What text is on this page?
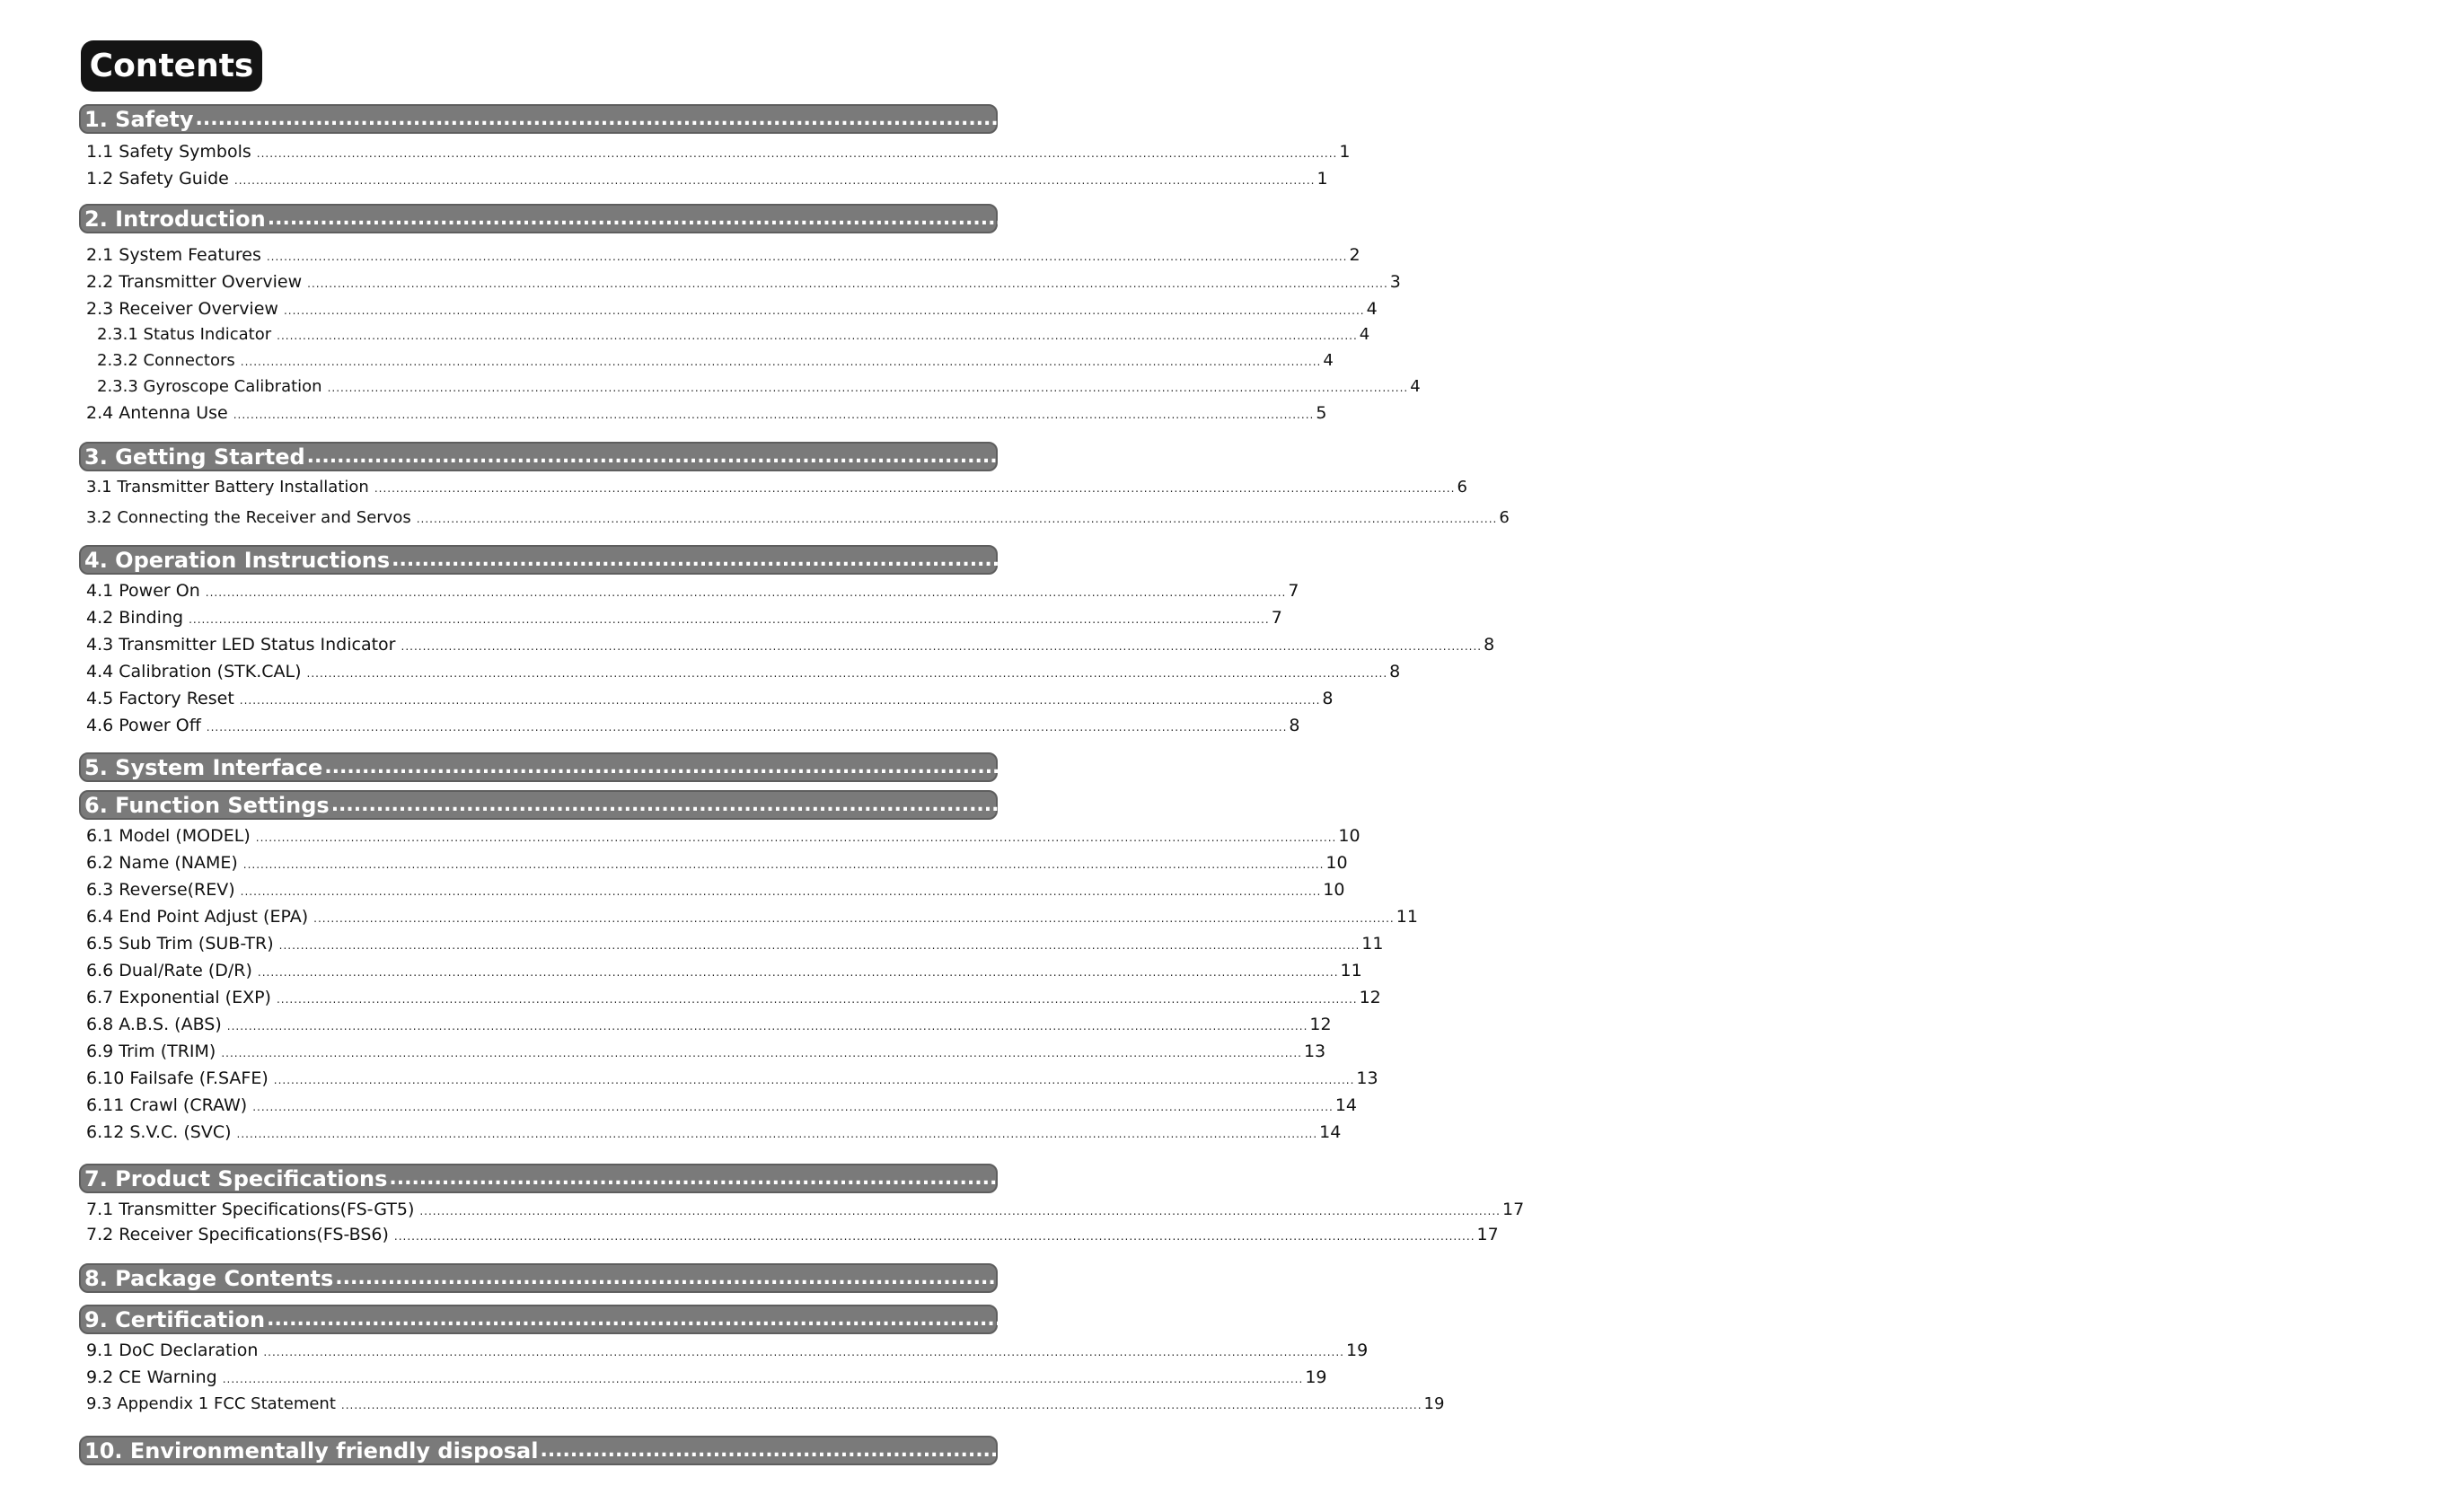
Contents
1. Safety .......................................................................................................................................................................................................................................................... 1
2. Introduction .......................................................................................................................................................................................................................................................... 2
3. Getting Started .......................................................................................................................................................................................................................................................... 6
4. Operation Instructions .......................................................................................................................................................................................................................................................... 7
5. System Interface .......................................................................................................................................................................................................................................................... 9
6. Function Settings .......................................................................................................................................................................................................................................................... 10
7. Product Specifications .......................................................................................................................................................................................................................................................... 17
8. Package Contents .......................................................................................................................................................................................................................................................... 18
9. Certification .......................................................................................................................................................................................................................................................... 19
10. Environmentally friendly disposal .......................................................................................................................................................................................................................................................... 20
1.1 Safety Symbols .......................................................................................................................................................................................................................................................... 1
1.2 Safety Guide .......................................................................................................................................................................................................................................................... 1
2.1 System Features .......................................................................................................................................................................................................................................................... 2
2.2 Transmitter Overview .......................................................................................................................................................................................................................................................... 3
2.3 Receiver Overview .......................................................................................................................................................................................................................................................... 4
2.3.1 Status Indicator .......................................................................................................................................................................................................................................................... 4
2.3.2 Connectors .......................................................................................................................................................................................................................................................... 4
2.3.3 Gyroscope Calibration .......................................................................................................................................................................................................................................................... 4
2.4 Antenna Use .......................................................................................................................................................................................................................................................... 5
3.1 Transmitter Battery Installation .......................................................................................................................................................................................................................................................... 6
3.2 Connecting the Receiver and Servos .......................................................................................................................................................................................................................................................... 6
4.1 Power On .......................................................................................................................................................................................................................................................... 7
4.2 Binding .......................................................................................................................................................................................................................................................... 7
4.3 Transmitter LED Status Indicator .......................................................................................................................................................................................................................................................... 8
4.4 Calibration (STK.CAL) .......................................................................................................................................................................................................................................................... 8
4.5 Factory Reset .......................................................................................................................................................................................................................................................... 8
4.6 Power Off .......................................................................................................................................................................................................................................................... 8
6.1 Model (MODEL) .......................................................................................................................................................................................................................................................... 10
6.2 Name (NAME) .......................................................................................................................................................................................................................................................... 10
6.3 Reverse(REV) .......................................................................................................................................................................................................................................................... 10
6.4 End Point Adjust (EPA) .......................................................................................................................................................................................................................................................... 11
6.5 Sub Trim (SUB-TR) .......................................................................................................................................................................................................................................................... 11
6.6 Dual/Rate (D/R) .......................................................................................................................................................................................................................................................... 11
6.7 Exponential (EXP) .......................................................................................................................................................................................................................................................... 12
6.8 A.B.S. (ABS) .......................................................................................................................................................................................................................................................... 12
6.9 Trim (TRIM) .......................................................................................................................................................................................................................................................... 13
6.10 Failsafe (F.SAFE) .......................................................................................................................................................................................................................................................... 13
6.11 Crawl (CRAW) .......................................................................................................................................................................................................................................................... 14
6.12 S.V.C. (SVC) .......................................................................................................................................................................................................................................................... 14
7.1 Transmitter Specifications(FS-GT5) .......................................................................................................................................................................................................................................................... 17
7.2 Receiver Specifications(FS-BS6) .......................................................................................................................................................................................................................................................... 17
9.1 DoC Declaration .......................................................................................................................................................................................................................................................... 19
9.2 CE Warning .......................................................................................................................................................................................................................................................... 19
9.3 Appendix 1 FCC Statement .......................................................................................................................................................................................................................................................... 19
